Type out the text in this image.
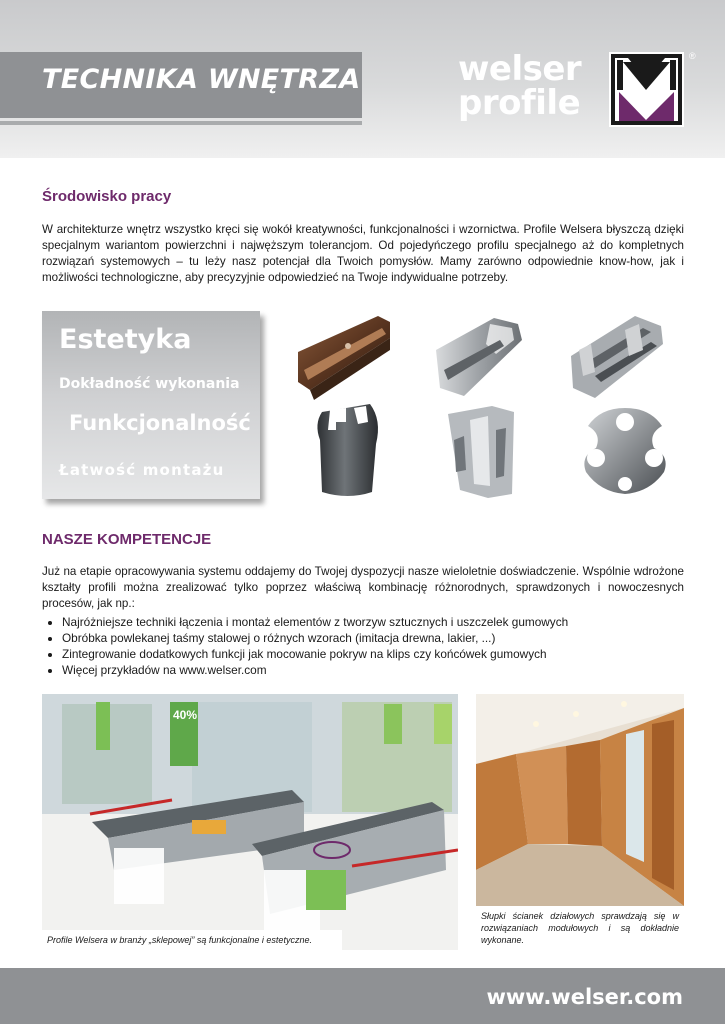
TECHNIKA WNĘTRZA	welser
profile
®
Środowisko pracy
W architekturze wnętrz wszystko kręci się wokół kreatywności, funkcjonalności i wzornictwa. Profile Welsera błyszczą dzięki specjalnym wariantom powierzchni i najwęższym tolerancjom. Od pojedyńczego profilu specjalnego aż do kompletnych rozwiązań systemowych – tu leży nasz potencjał dla Twoich pomysłów. Mamy zarówno odpowiednie know-how, jak i możliwości technologiczne, aby precyzyjnie odpowiedzieć na Twoje indywidualne potrzeby.
Estetyka
Dokładność wykonania
Funkcjonalność
Łatwość montażu
NASZE KOMPETENCJE
Już na etapie opracowywania systemu oddajemy do Twojej dyspozycji nasze wieloletnie doświadczenie. Wspólnie wdrożone kształty profili można zrealizować tylko poprzez właściwą kombinację różnorodnych, sprawdzonych i nowoczesnych procesów, jak np.:
• Najróżniejsze techniki łączenia i montaż elementów z tworzyw sztucznych i uszczelek gumowych
• Obróbka powlekanej taśmy stalowej o różnych wzorach (imitacja drewna, lakier, ...)
• Zintegrowanie dodatkowych funkcji jak mocowanie pokryw na klips czy końcówek gumowych
• Więcej przykładów na www.welser.com
40%
Profile Welsera w branży „sklepowej” są funkcjonalne i estetyczne.
Słupki ścianek działowych sprawdzają się w rozwiązaniach modułowych i są dokładnie wykonane.
www.welser.com
